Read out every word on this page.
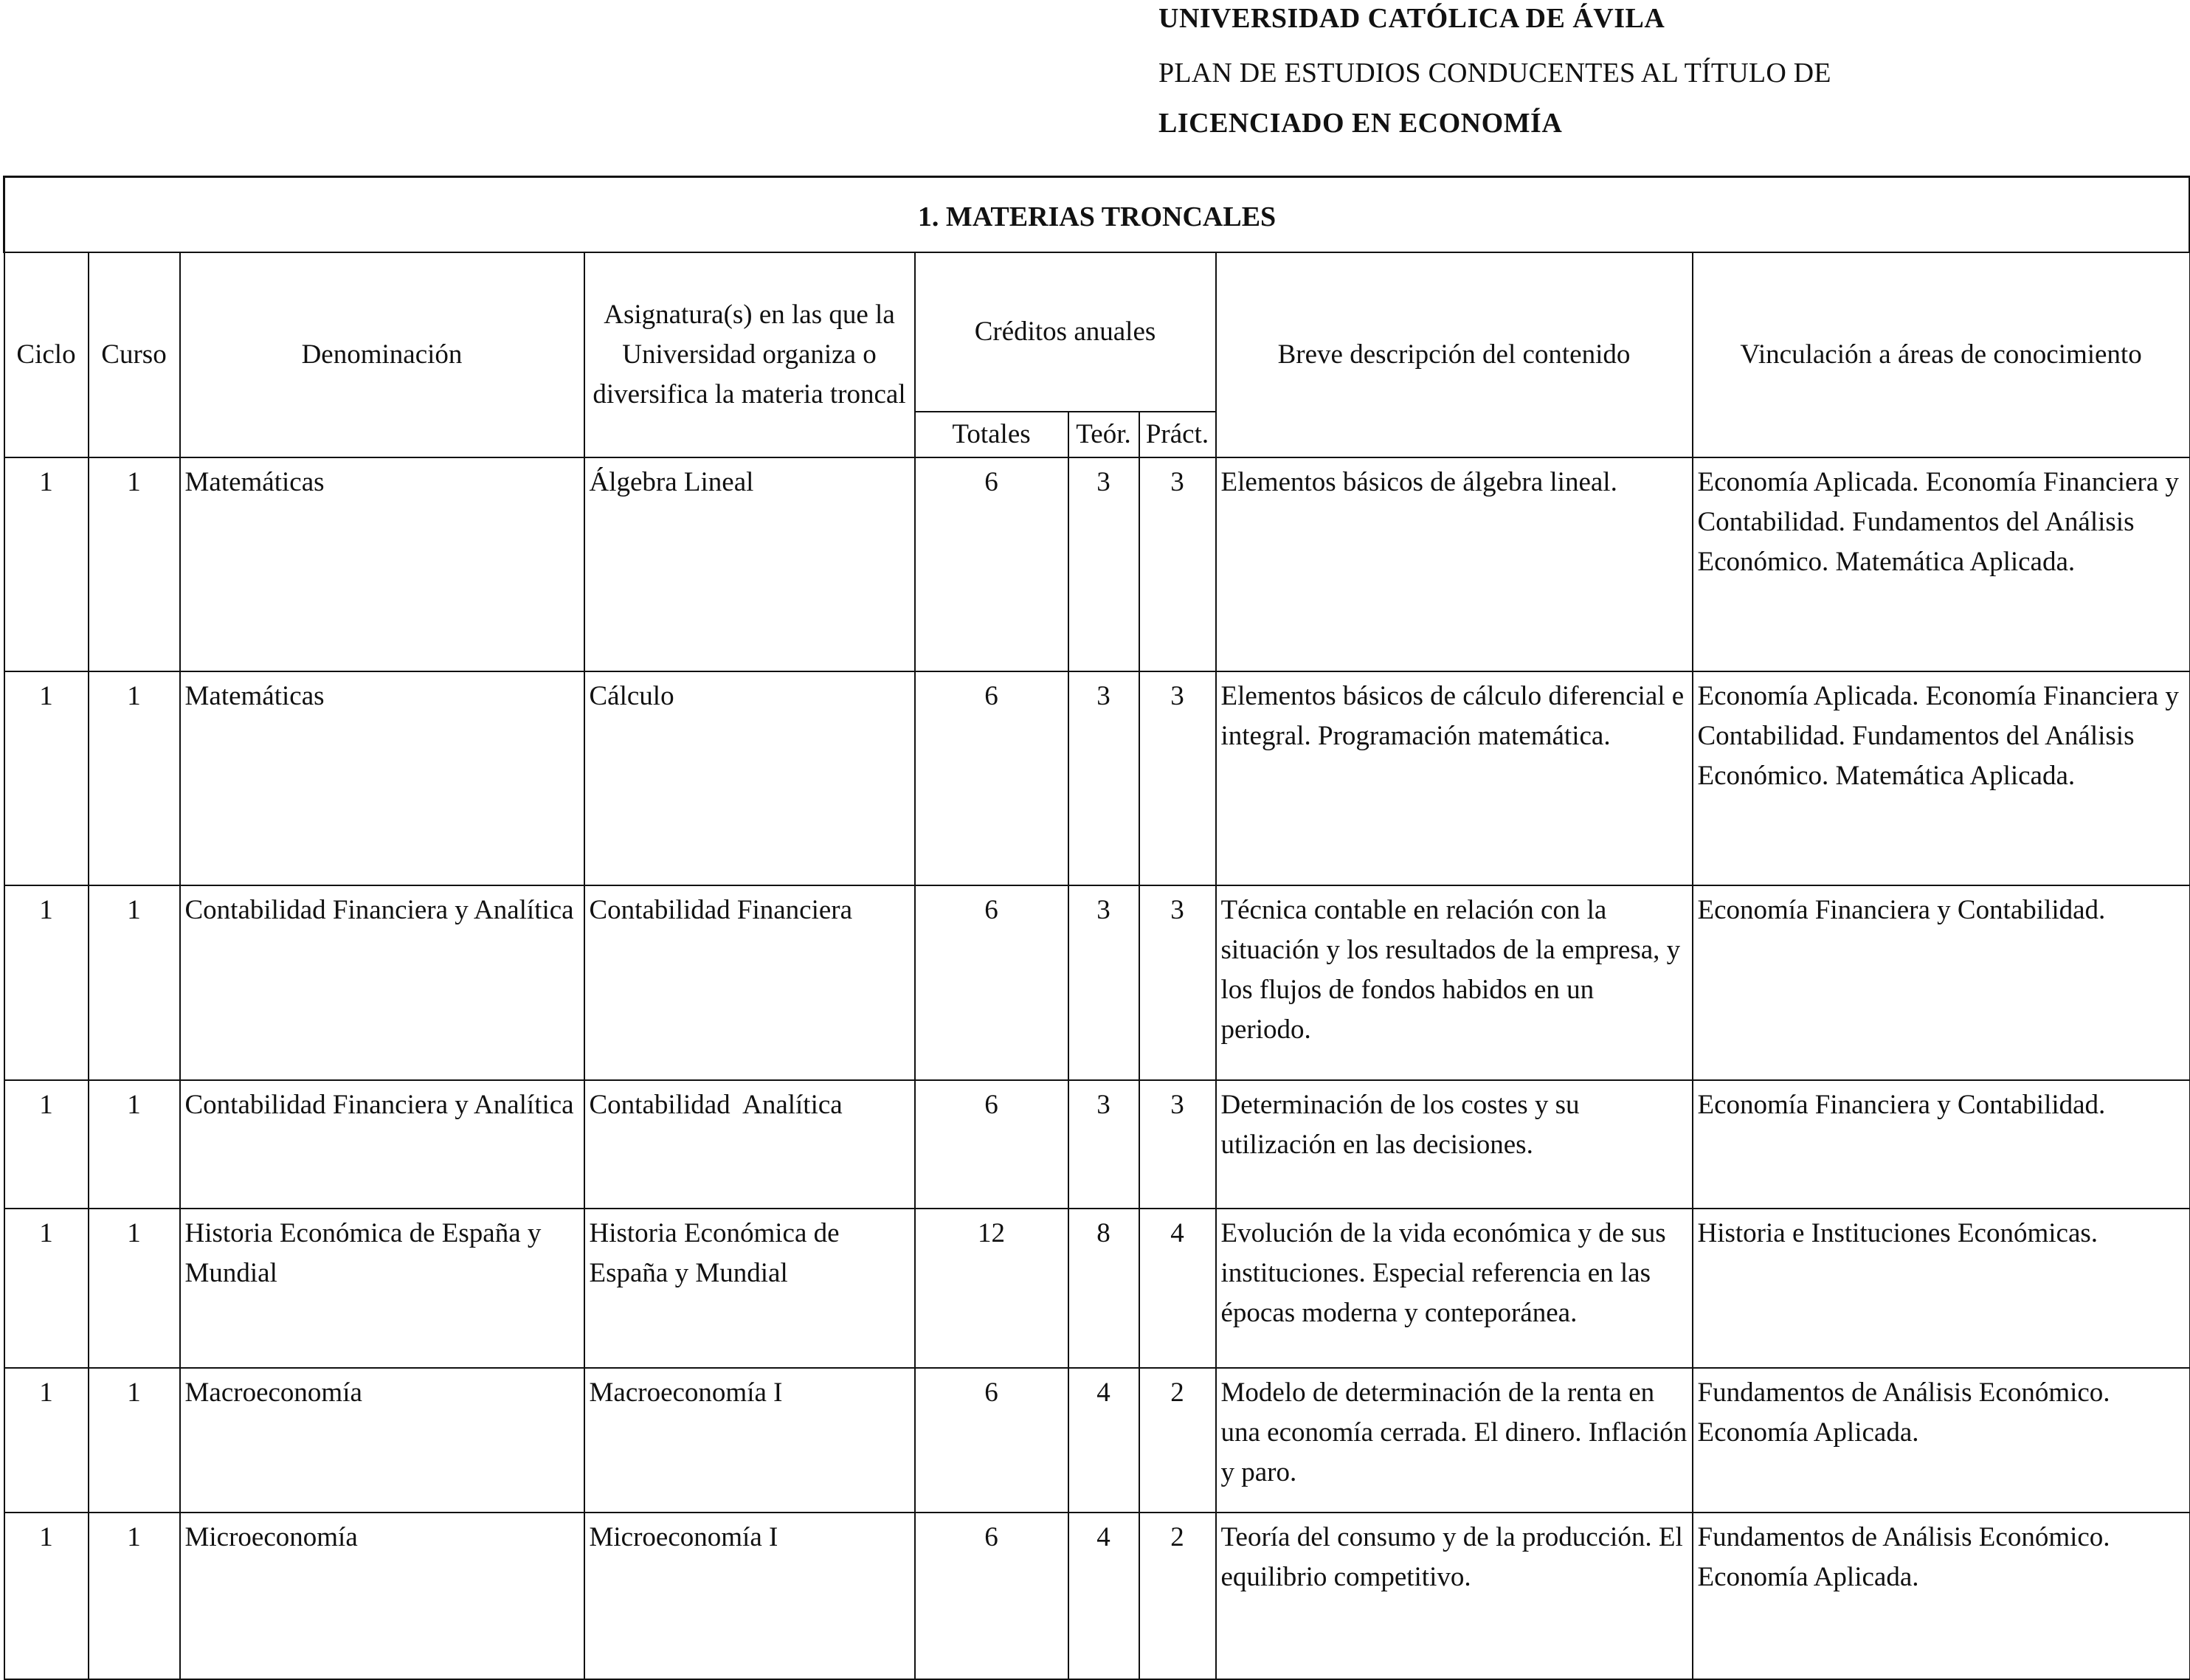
UNIVERSIDAD CATÓLICA DE ÁVILA
PLAN DE ESTUDIOS CONDUCENTES AL TÍTULO DE
LICENCIADO EN ECONOMÍA
1. MATERIAS TRONCALES								
Ciclo	Curso	Denominación	Asignatura(s) en las que la Universidad organiza o diversifica la materia troncal	Créditos anuales			Breve descripción del contenido	Vinculación a áreas de conocimiento
				Totales	Teór.	Práct.		
1	1	Matemáticas	Álgebra Lineal	6	3	3	Elementos básicos de álgebra lineal.	Economía Aplicada. Economía Financiera y Contabilidad. Fundamentos del Análisis Económico. Matemática Aplicada.
1	1	Matemáticas	Cálculo	6	3	3	Elementos básicos de cálculo diferencial e integral. Programación matemática.	Economía Aplicada. Economía Financiera y Contabilidad. Fundamentos del Análisis Económico. Matemática Aplicada.
1	1	Contabilidad Financiera y Analítica	Contabilidad Financiera	6	3	3	Técnica contable en relación con la situación y los resultados de la empresa, y los flujos de fondos habidos en un periodo.	Economía Financiera y Contabilidad.
1	1	Contabilidad Financiera y Analítica	Contabilidad  Analítica	6	3	3	Determinación de los costes y su utilización en las decisiones.	Economía Financiera y Contabilidad.
1	1	Historia Económica de España y Mundial	Historia Económica de España y Mundial	12	8	4	Evolución de la vida económica y de sus instituciones. Especial referencia en las épocas moderna y conteporánea.	Historia e Instituciones Económicas.
1	1	Macroeconomía	Macroeconomía I	6	4	2	Modelo de determinación de la renta en una economía cerrada. El dinero. Inflación y paro.	Fundamentos de Análisis Económico. Economía Aplicada.
1	1	Microeconomía	Microeconomía I	6	4	2	Teoría del consumo y de la producción. El equilibrio competitivo.	Fundamentos de Análisis Económico. Economía Aplicada.
